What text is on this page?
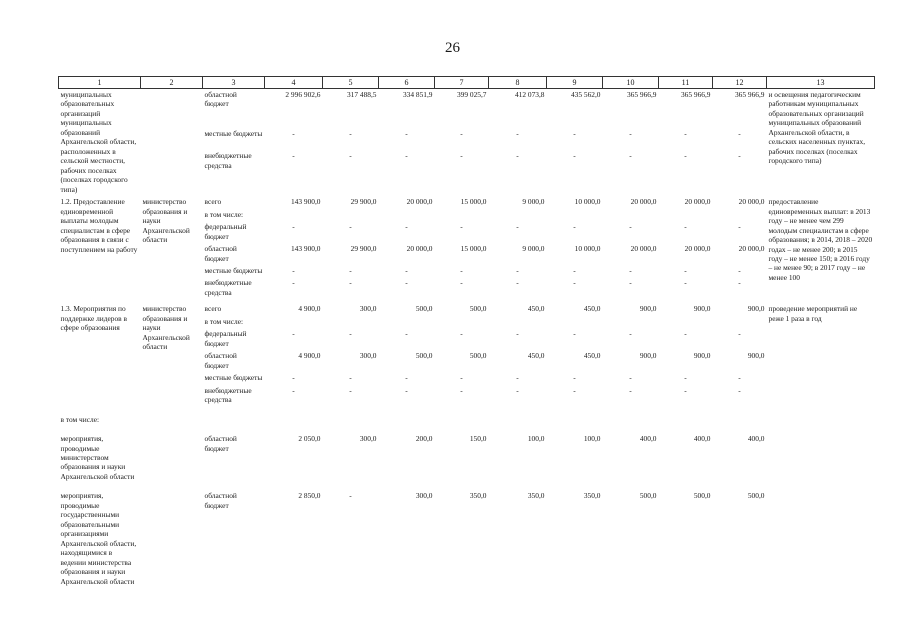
26
1	2	3	4	5	6	7	8	9	10	11	12	13
муниципальных образовательных организаций муниципальных образований Архангельской области, расположенных в сельской местности, рабочих поселках (поселках городского типа)		областной бюджет	2 996 902,6	317 488,5	334 851,9	399 025,7	412 073,8	435 562,0	365 966,9	365 966,9	365 966,9	и освещения педагогическим работникам муниципальных образовательных организаций муниципальных образований Архангельской области, в сельских населенных пунктах, рабочих поселках (поселках городского типа)
		местные бюджеты	-	-	-	-	-	-	-	-	-	
		внебюджетные средства	-	-	-	-	-	-	-	-	-	
1.2. Предоставление единовременной выплаты молодым специалистам в сфере образования в связи с поступлением на работу	министерство образования и науки Архангельской области	всего	143 900,0	29 900,0	20 000,0	15 000,0	9 000,0	10 000,0	20 000,0	20 000,0	20 000,0	предоставление единовременных выплат: в 2013 году – не менее чем 299 молодым специалистам в сфере образования; в 2014, 2018 – 2020 годах – не менее 200; в 2015 году – не менее 150; в 2016 году – не менее 90; в 2017 году – не менее 100
		в том числе:										
		федеральный бюджет	-	-	-	-	-	-	-	-	-	
		областной бюджет	143 900,0	29 900,0	20 000,0	15 000,0	9 000,0	10 000,0	20 000,0	20 000,0	20 000,0	
		местные бюджеты	-	-	-	-	-	-	-	-	-	
		внебюджетные средства	-	-	-	-	-	-	-	-	-	
1.3. Мероприятия по поддержке лидеров в сфере образования	министерство образования и науки Архангельской области	всего	4 900,0	300,0	500,0	500,0	450,0	450,0	900,0	900,0	900,0	проведение мероприятий не реже 1 раза в год
		в том числе:										
		федеральный бюджет	-	-	-	-	-	-	-	-	-	
		областной бюджет	4 900,0	300,0	500,0	500,0	450,0	450,0	900,0	900,0	900,0	
		местные бюджеты	-	-	-	-	-	-	-	-	-	
		внебюджетные средства	-	-	-	-	-	-	-	-	-	
в том числе:												
мероприятия, проводимые министерством образования и науки Архангельской области		областной бюджет	2 050,0	300,0	200,0	150,0	100,0	100,0	400,0	400,0	400,0	
мероприятия, проводимые государственными образовательными организациями Архангельской области, находящимися в ведении министерства образования и науки Архангельской области		областной бюджет	2 850,0	-	300,0	350,0	350,0	350,0	500,0	500,0	500,0	
